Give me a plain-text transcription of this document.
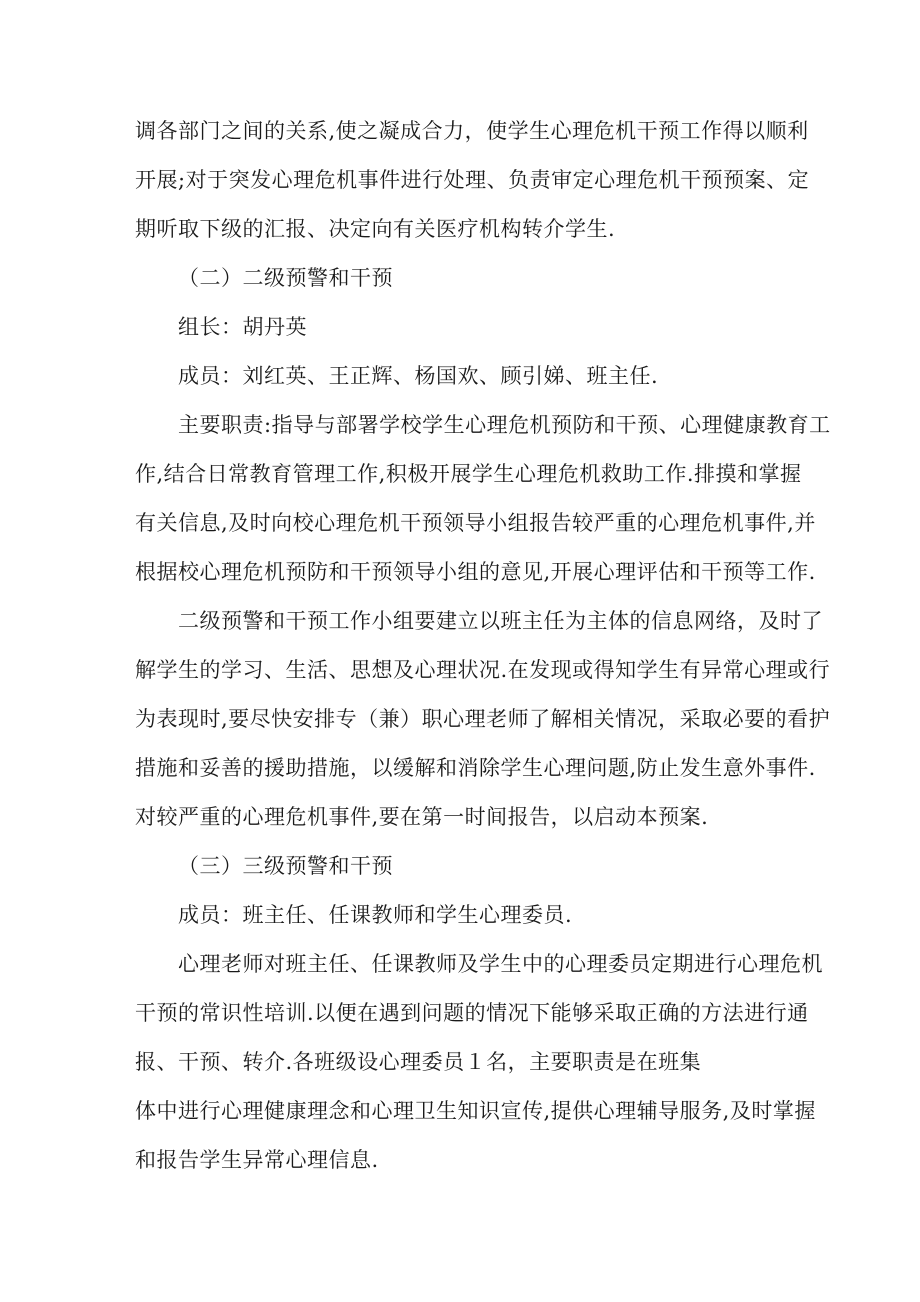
调各部门之间的关系,使之凝成合力，使学生心理危机干预工作得以顺利
开展;对于突发心理危机事件进行处理、负责审定心理危机干预预案、定
期听取下级的汇报、决定向有关医疗机构转介学生.
（二）二级预警和干预
组长：胡丹英
成员：刘红英、王正辉、杨国欢、顾引娣、班主任.
主要职责:指导与部署学校学生心理危机预防和干预、心理健康教育工
作,结合日常教育管理工作,积极开展学生心理危机救助工作.排摸和掌握
有关信息,及时向校心理危机干预领导小组报告较严重的心理危机事件,并
根据校心理危机预防和干预领导小组的意见,开展心理评估和干预等工作.
二级预警和干预工作小组要建立以班主任为主体的信息网络，及时了
解学生的学习、生活、思想及心理状况.在发现或得知学生有异常心理或行
为表现时,要尽快安排专（兼）职心理老师了解相关情况，采取必要的看护
措施和妥善的援助措施，以缓解和消除学生心理问题,防止发生意外事件.
对较严重的心理危机事件,要在第一时间报告，以启动本预案.
（三）三级预警和干预
成员：班主任、任课教师和学生心理委员.
心理老师对班主任、任课教师及学生中的心理委员定期进行心理危机
干预的常识性培训.以便在遇到问题的情况下能够采取正确的方法进行通
报、干预、转介.各班级设心理委员１名，主要职责是在班集
体中进行心理健康理念和心理卫生知识宣传,提供心理辅导服务,及时掌握
和报告学生异常心理信息.
